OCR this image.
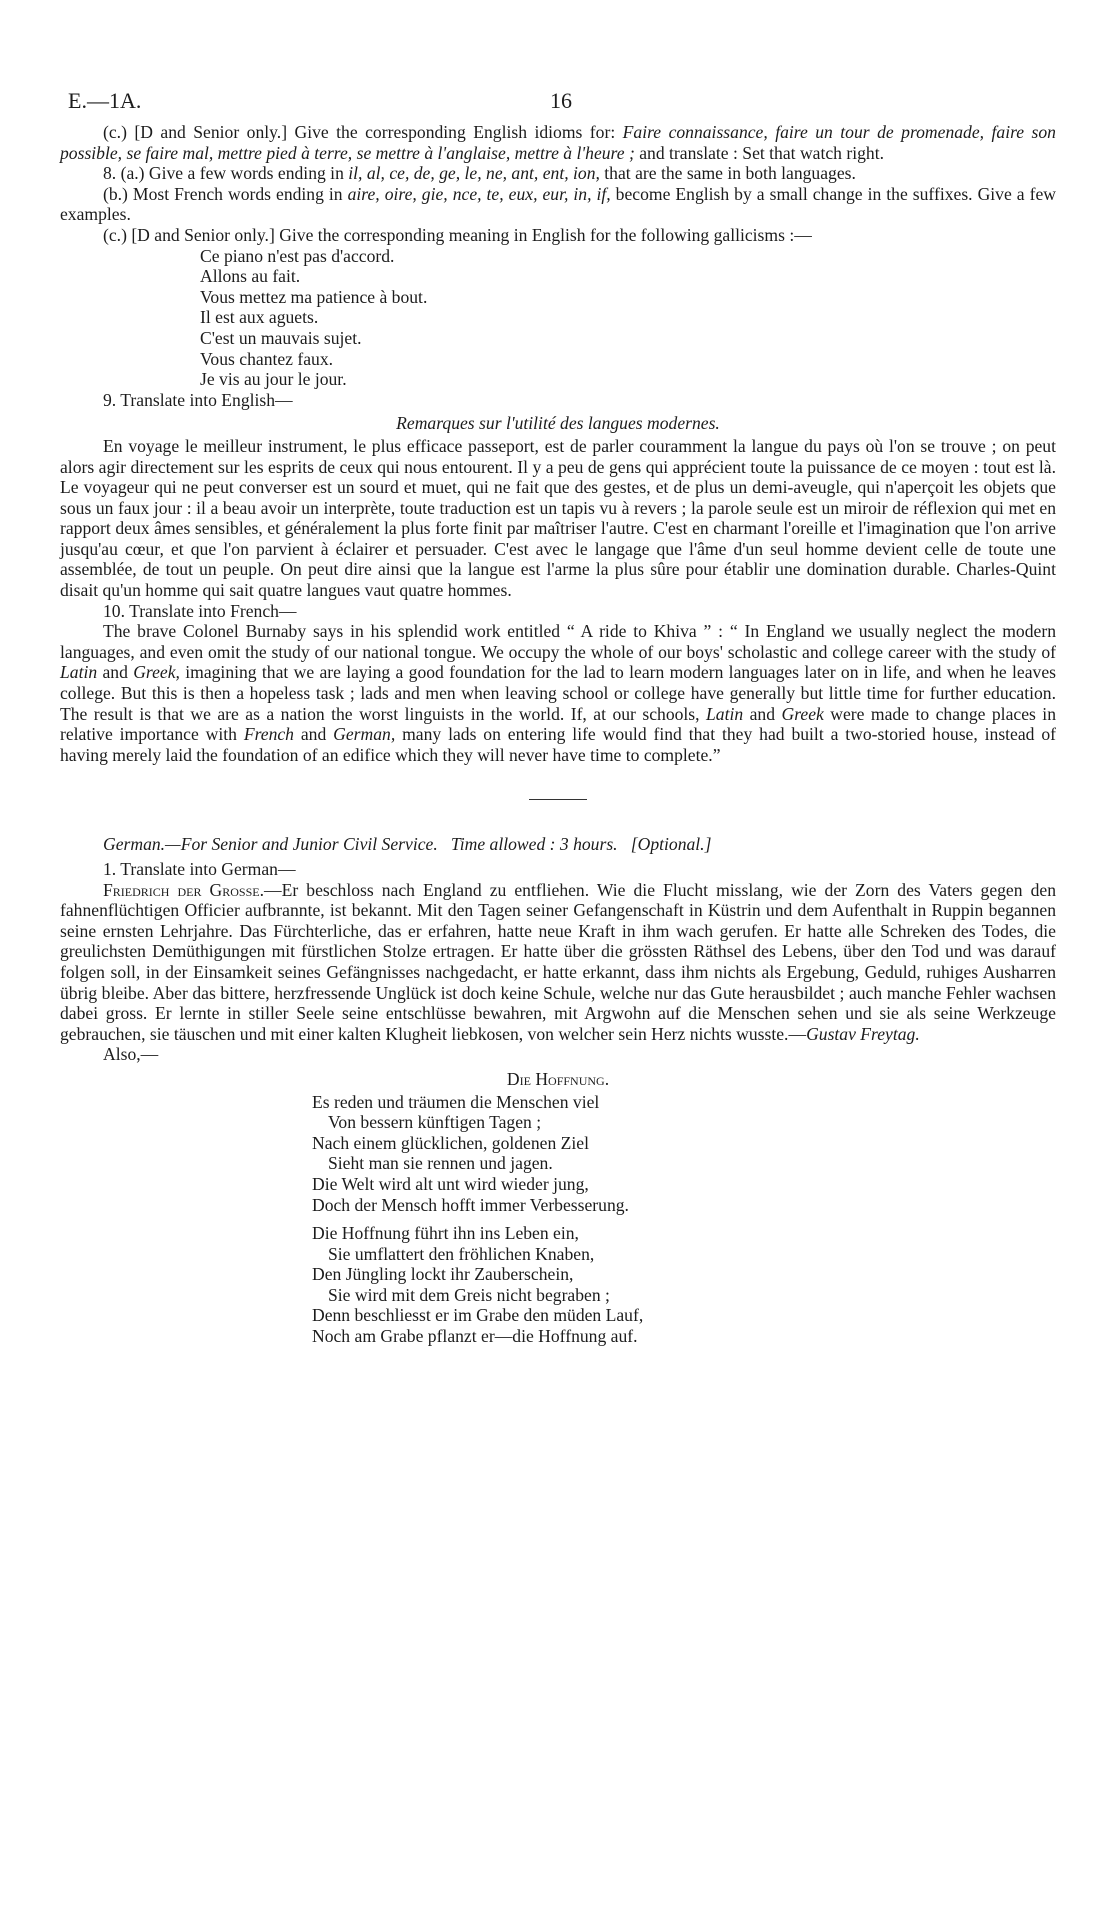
E.—1A.	16

(c.) [D and Senior only.] Give the corresponding English idioms for: Faire connaissance, faire un tour de promenade, faire son possible, se faire mal, mettre pied à terre, se mettre à l'anglaise, mettre à l'heure ; and translate : Set that watch right.

8. (a.) Give a few words ending in il, al, ce, de, ge, le, ne, ant, ent, ion, that are the same in both languages.

(b.) Most French words ending in aire, oire, gie, nce, te, eux, eur, in, if, become English by a small change in the suffixes. Give a few examples.

(c.) [D and Senior only.] Give the corresponding meaning in English for the following gallicisms :—

Ce piano n'est pas d'accord.
Allons au fait.
Vous mettez ma patience à bout.
Il est aux aguets.
C'est un mauvais sujet.
Vous chantez faux.
Je vis au jour le jour.

9. Translate into English—

Remarques sur l'utilité des langues modernes.

En voyage le meilleur instrument, le plus efficace passeport, est de parler couramment la langue du pays où l'on se trouve ; on peut alors agir directement sur les esprits de ceux qui nous entourent. Il y a peu de gens qui apprécient toute la puissance de ce moyen : tout est là. Le voyageur qui ne peut converser est un sourd et muet, qui ne fait que des gestes, et de plus un demi-aveugle, qui n'aperçoit les objets que sous un faux jour : il a beau avoir un interprète, toute traduction est un tapis vu à revers ; la parole seule est un miroir de réflexion qui met en rapport deux âmes sensibles, et généralement la plus forte finit par maîtriser l'autre. C'est en charmant l'oreille et l'imagination que l'on arrive jusqu'au cœur, et que l'on parvient à éclairer et persuader. C'est avec le langage que l'âme d'un seul homme devient celle de toute une assemblée, de tout un peuple. On peut dire ainsi que la langue est l'arme la plus sûre pour établir une domination durable. Charles-Quint disait qu'un homme qui sait quatre langues vaut quatre hommes.

10. Translate into French—

The brave Colonel Burnaby says in his splendid work entitled “ A ride to Khiva ” : “ In England we usually neglect the modern languages, and even omit the study of our national tongue. We occupy the whole of our boys' scholastic and college career with the study of Latin and Greek, imagining that we are laying a good foundation for the lad to learn modern languages later on in life, and when he leaves college. But this is then a hopeless task ; lads and men when leaving school or college have generally but little time for further education. The result is that we are as a nation the worst linguists in the world. If, at our schools, Latin and Greek were made to change places in relative importance with French and German, many lads on entering life would find that they had built a two-storied house, instead of having merely laid the foundation of an edifice which they will never have time to complete.”

German.—For Senior and Junior Civil Service.   Time allowed : 3 hours.   [Optional.]

1. Translate into German—

Friedrich der Grosse.—Er beschloss nach England zu entfliehen. Wie die Flucht misslang, wie der Zorn des Vaters gegen den fahnenflüchtigen Officier aufbrannte, ist bekannt. Mit den Tagen seiner Gefangenschaft in Küstrin und dem Aufenthalt in Ruppin begannen seine ernsten Lehrjahre. Das Fürchterliche, das er erfahren, hatte neue Kraft in ihm wach gerufen. Er hatte alle Schreken des Todes, die greulichsten Demüthigungen mit fürstlichen Stolze ertragen. Er hatte über die grössten Räthsel des Lebens, über den Tod und was darauf folgen soll, in der Einsamkeit seines Gefängnisses nachgedacht, er hatte erkannt, dass ihm nichts als Ergebung, Geduld, ruhiges Ausharren übrig bleibe. Aber das bittere, herzfressende Unglück ist doch keine Schule, welche nur das Gute herausbildet ; auch manche Fehler wachsen dabei gross. Er lernte in stiller Seele seine entschlüsse bewahren, mit Argwohn auf die Menschen sehen und sie als seine Werkzeuge gebrauchen, sie täuschen und mit einer kalten Klugheit liebkosen, von welcher sein Herz nichts wusste.—Gustav Freytag.

Also,—

Die Hoffnung.

Es reden und träumen die Menschen viel
Von bessern künftigen Tagen ;
Nach einem glücklichen, goldenen Ziel
Sieht man sie rennen und jagen.
Die Welt wird alt unt wird wieder jung,
Doch der Mensch hofft immer Verbesserung.
Die Hoffnung führt ihn ins Leben ein,
Sie umflattert den fröhlichen Knaben,
Den Jüngling lockt ihr Zauberschein,
Sie wird mit dem Greis nicht begraben ;
Denn beschliesst er im Grabe den müden Lauf,
Noch am Grabe pflanzt er—die Hoffnung auf.
